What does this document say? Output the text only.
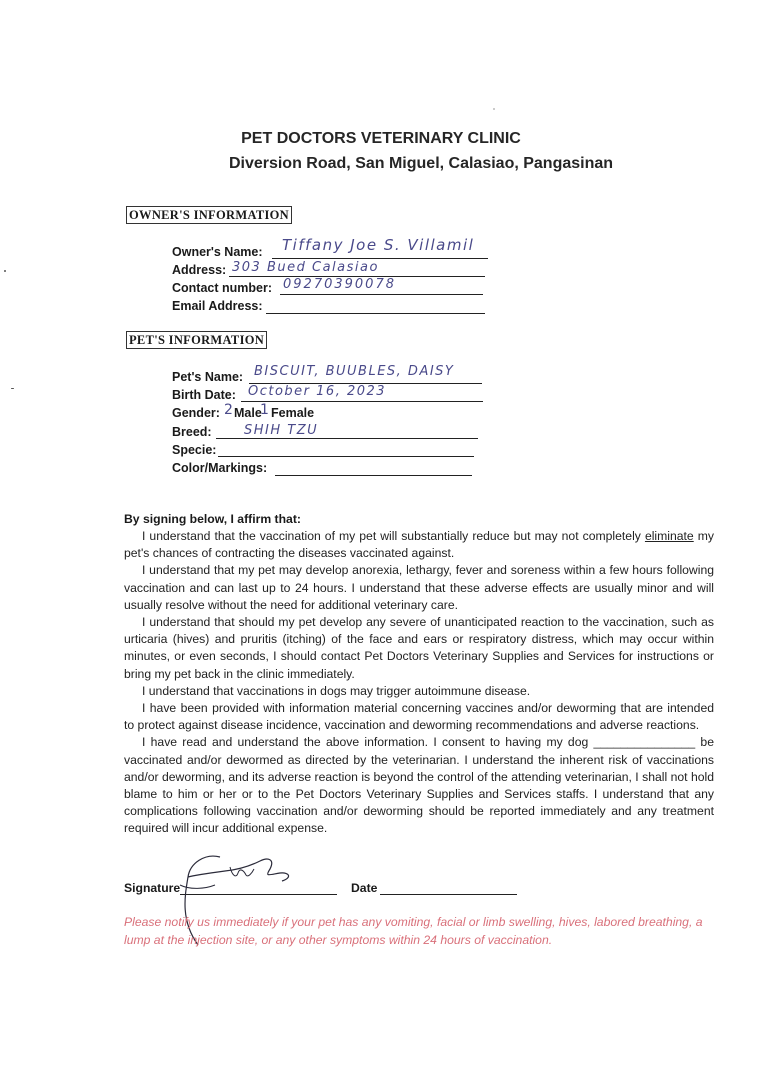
PET DOCTORS VETERINARY CLINIC
Diversion Road, San Miguel, Calasiao, Pangasinan
OWNER'S INFORMATION
Owner's Name: Tiffany Joe S. Villamil
Address: 303 Bued Calasiao
Contact number: 09270390078
Email Address:
PET'S INFORMATION
Pet's Name: BISCUIT, BUUBLES, DAISY
Birth Date: October 16, 2023
Gender: 2 Male
1 Female
Breed: SHIH TZU
Specie:
Color/Markings:
By signing below, I affirm that:

I understand that the vaccination of my pet will substantially reduce but may not completely eliminate my pet's chances of contracting the diseases vaccinated against.

I understand that my pet may develop anorexia, lethargy, fever and soreness within a few hours following vaccination and can last up to 24 hours. I understand that these adverse effects are usually minor and will usually resolve without the need for additional veterinary care.

I understand that should my pet develop any severe of unanticipated reaction to the vaccination, such as urticaria (hives) and pruritis (itching) of the face and ears or respiratory distress, which may occur within minutes, or even seconds, I should contact Pet Doctors Veterinary Supplies and Services for instructions or bring my pet back in the clinic immediately.

I understand that vaccinations in dogs may trigger autoimmune disease.

I have been provided with information material concerning vaccines and/or deworming that are intended to protect against disease incidence, vaccination and deworming recommendations and adverse reactions.

I have read and understand the above information. I consent to having my dog _______________ be vaccinated and/or dewormed as directed by the veterinarian. I understand the inherent risk of vaccinations and/or deworming, and its adverse reaction is beyond the control of the attending veterinarian, I shall not hold blame to him or her or to the Pet Doctors Veterinary Supplies and Services staffs. I understand that any complications following vaccination and/or deworming should be reported immediately and any treatment required will incur additional expense.

Signature	Date
Please notify us immediately if your pet has any vomiting, facial or limb swelling, hives, labored breathing, a lump at the injection site, or any other symptoms within 24 hours of vaccination.
